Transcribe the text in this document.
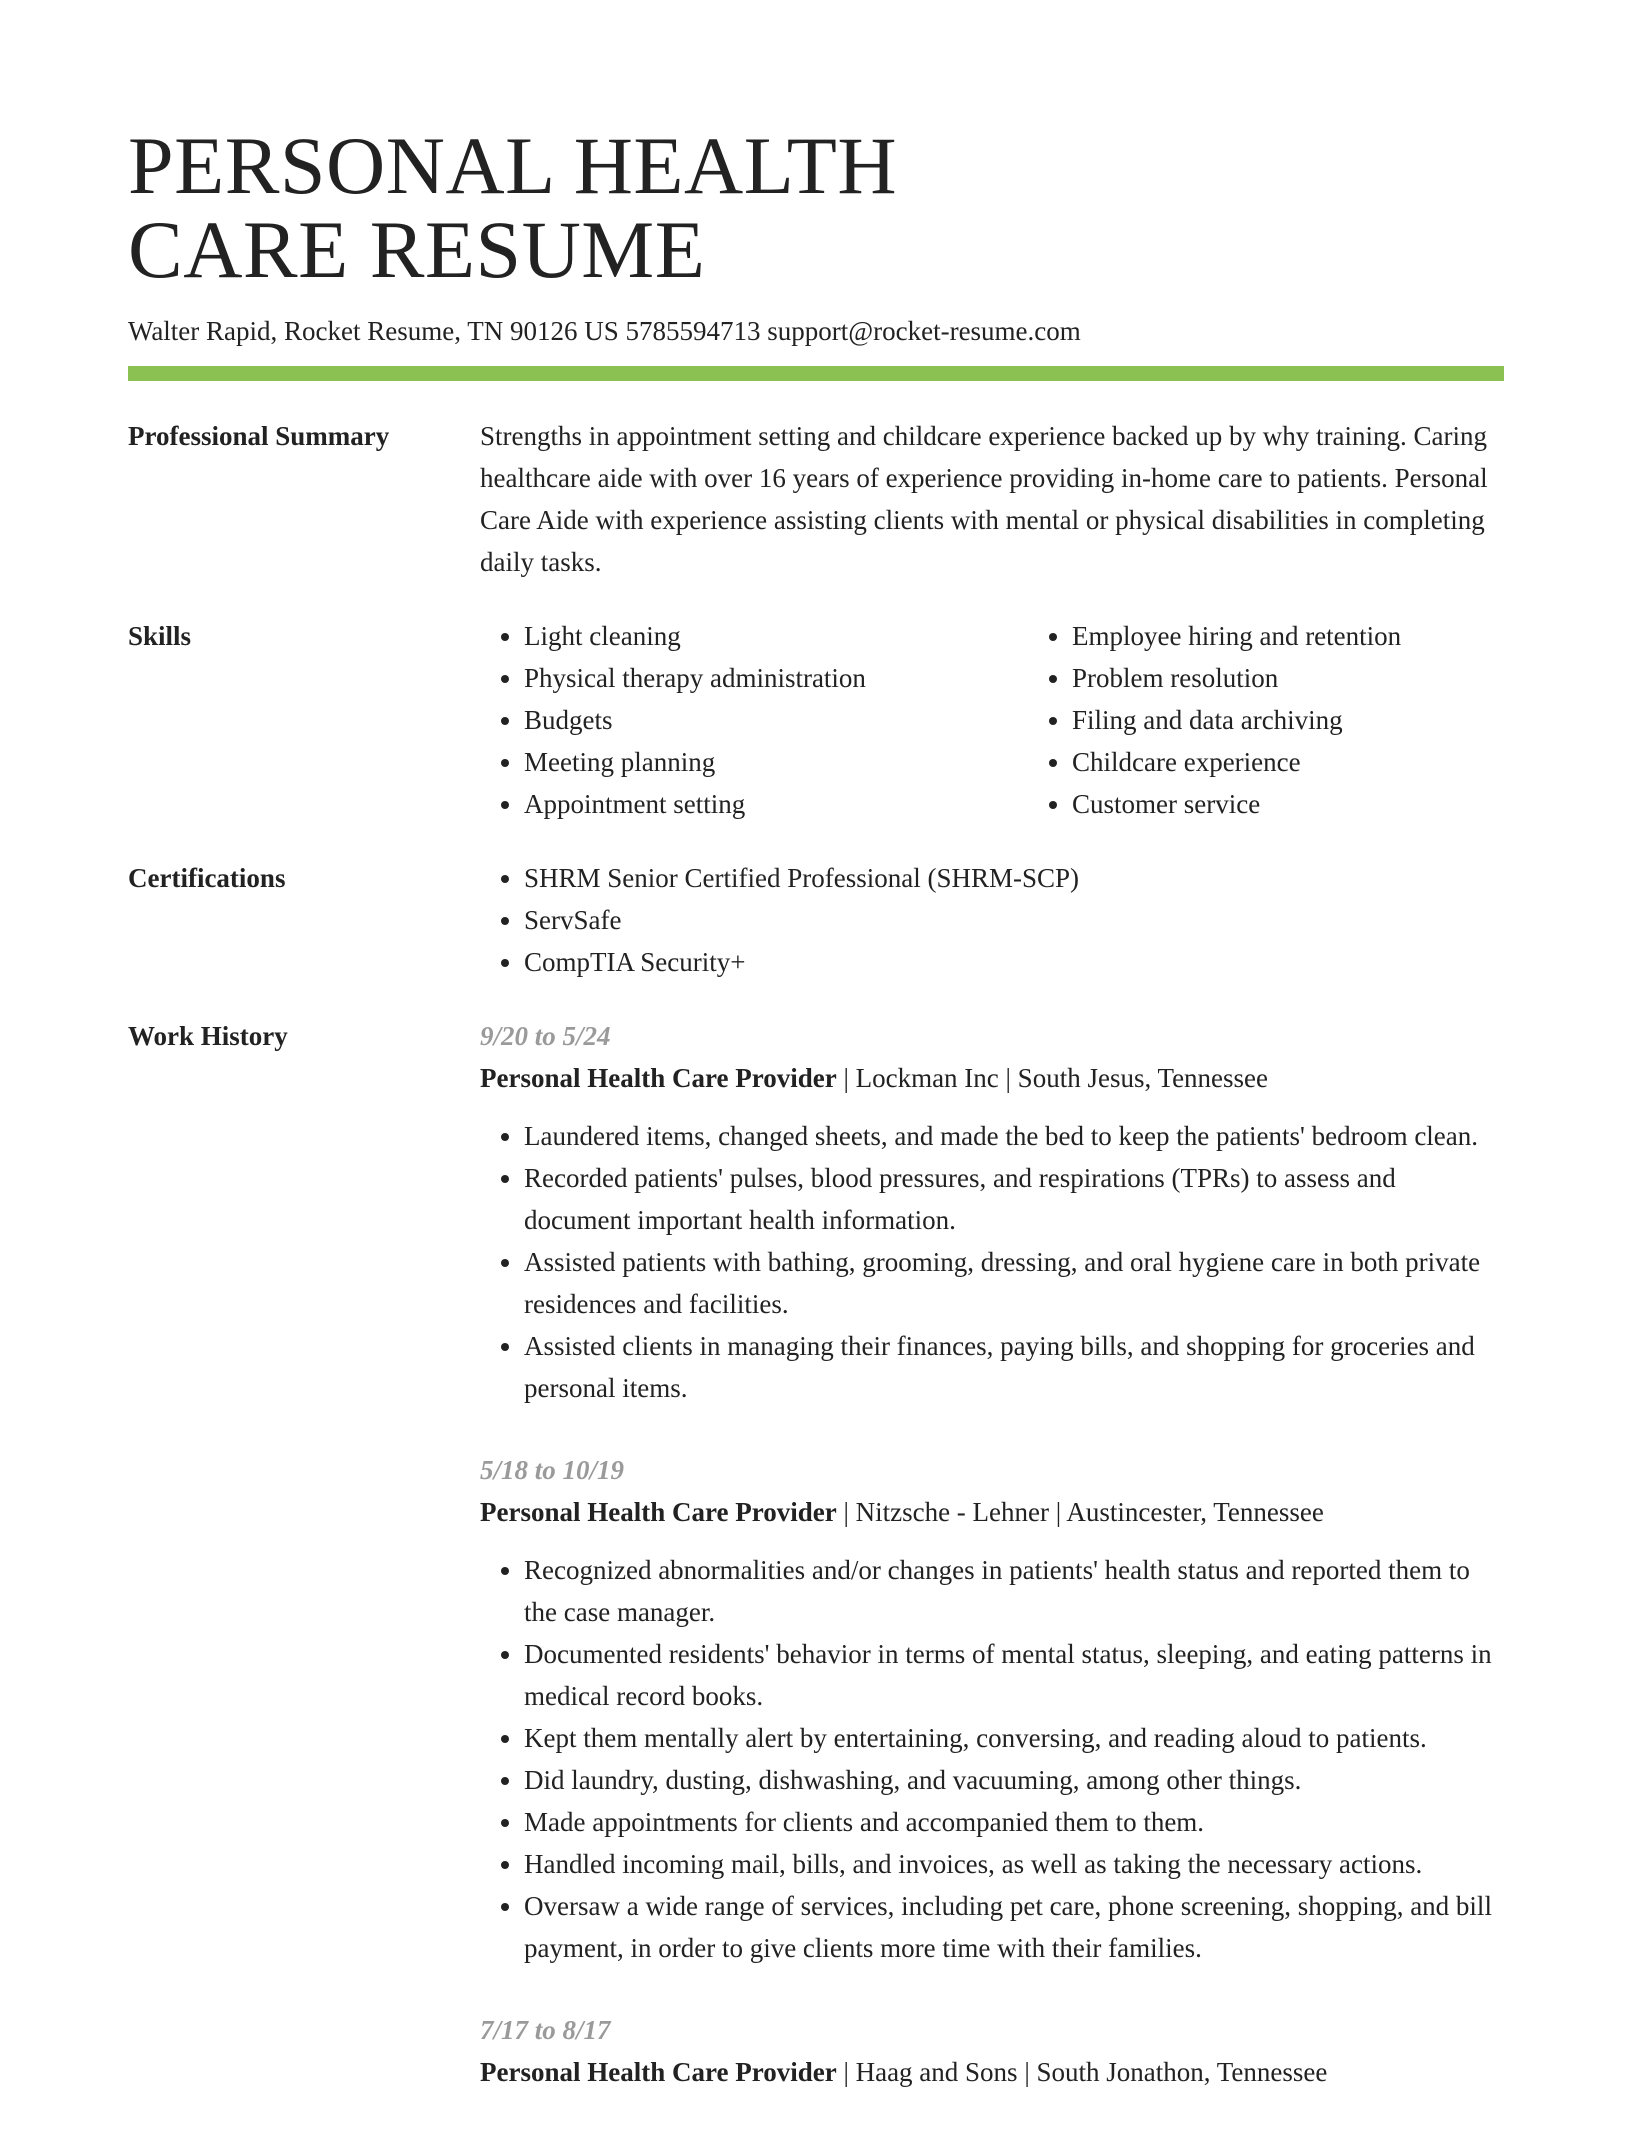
PERSONAL HEALTH
CARE RESUME
Walter Rapid, Rocket Resume, TN 90126 US 5785594713 support@rocket-resume.com
Professional Summary	Strengths in appointment setting and childcare experience backed up by why training. Caring healthcare aide with over 16 years of experience providing in-home care to patients. Personal Care Aide with experience assisting clients with mental or physical disabilities in completing daily tasks.

Skills	• Light cleaning
• Physical therapy administration
• Budgets
• Meeting planning
• Appointment setting
• Employee hiring and retention
• Problem resolution
• Filing and data archiving
• Childcare experience
• Customer service
Certifications	• SHRM Senior Certified Professional (SHRM-SCP)
• ServSafe
• CompTIA Security+
Work History	9/20 to 5/24
Personal Health Care Provider | Lockman Inc | South Jesus, Tennessee
• Laundered items, changed sheets, and made the bed to keep the patients' bedroom clean.
• Recorded patients' pulses, blood pressures, and respirations (TPRs) to assess and document important health information.
• Assisted patients with bathing, grooming, dressing, and oral hygiene care in both private residences and facilities.
• Assisted clients in managing their finances, paying bills, and shopping for groceries and personal items.
5/18 to 10/19
Personal Health Care Provider | Nitzsche - Lehner | Austincester, Tennessee
• Recognized abnormalities and/or changes in patients' health status and reported them to the case manager.
• Documented residents' behavior in terms of mental status, sleeping, and eating patterns in medical record books.
• Kept them mentally alert by entertaining, conversing, and reading aloud to patients.
• Did laundry, dusting, dishwashing, and vacuuming, among other things.
• Made appointments for clients and accompanied them to them.
• Handled incoming mail, bills, and invoices, as well as taking the necessary actions.
• Oversaw a wide range of services, including pet care, phone screening, shopping, and bill payment, in order to give clients more time with their families.
7/17 to 8/17
Personal Health Care Provider | Haag and Sons | South Jonathon, Tennessee
